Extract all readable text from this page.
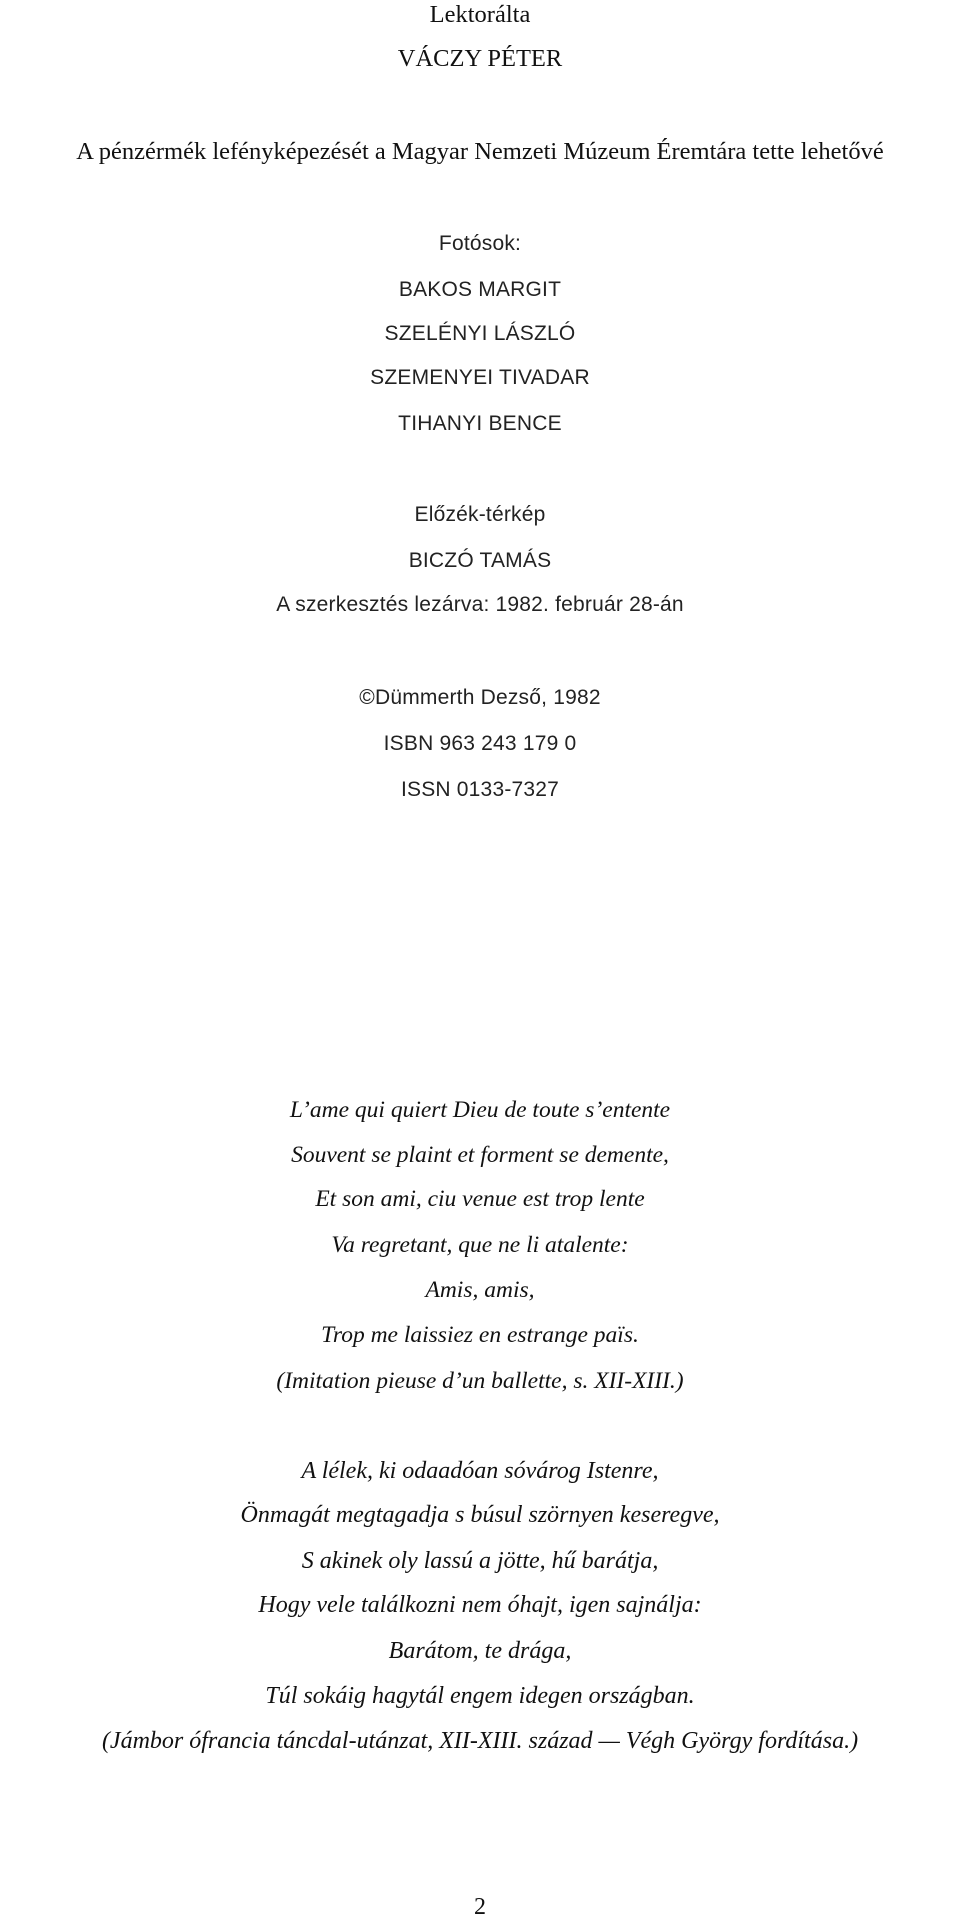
Lektorálta
VÁCZY PÉTER
A pénzérmék lefényképezését a Magyar Nemzeti Múzeum Éremtára tette lehetővé
Fotósok:
BAKOS MARGIT
SZELÉNYI LÁSZLÓ
SZEMENYEI TIVADAR
TIHANYI BENCE
Előzék-térkép
BICZÓ TAMÁS
A szerkesztés lezárva: 1982. február 28-án
©Dümmerth Dezső, 1982
ISBN 963 243 179 0
ISSN 0133-7327
L’ame qui quiert Dieu de toute s’entente
Souvent se plaint et forment se demente,
Et son ami, ciu venue est trop lente
Va regretant, que ne li atalente:
Amis, amis,
Trop me laissiez en estrange païs.
(Imitation pieuse d’un ballette, s. XII-XIII.)
A lélek, ki odaadóan sóvárog Istenre,
Önmagát megtagadja s búsul szörnyen keseregve,
S akinek oly lassú a jötte, hű barátja,
Hogy vele találkozni nem óhajt, igen sajnálja:
Barátom, te drága,
Túl sokáig hagytál engem idegen országban.
(Jámbor ófrancia táncdal-utánzat, XII-XIII. század — Végh György fordítása.)
2
